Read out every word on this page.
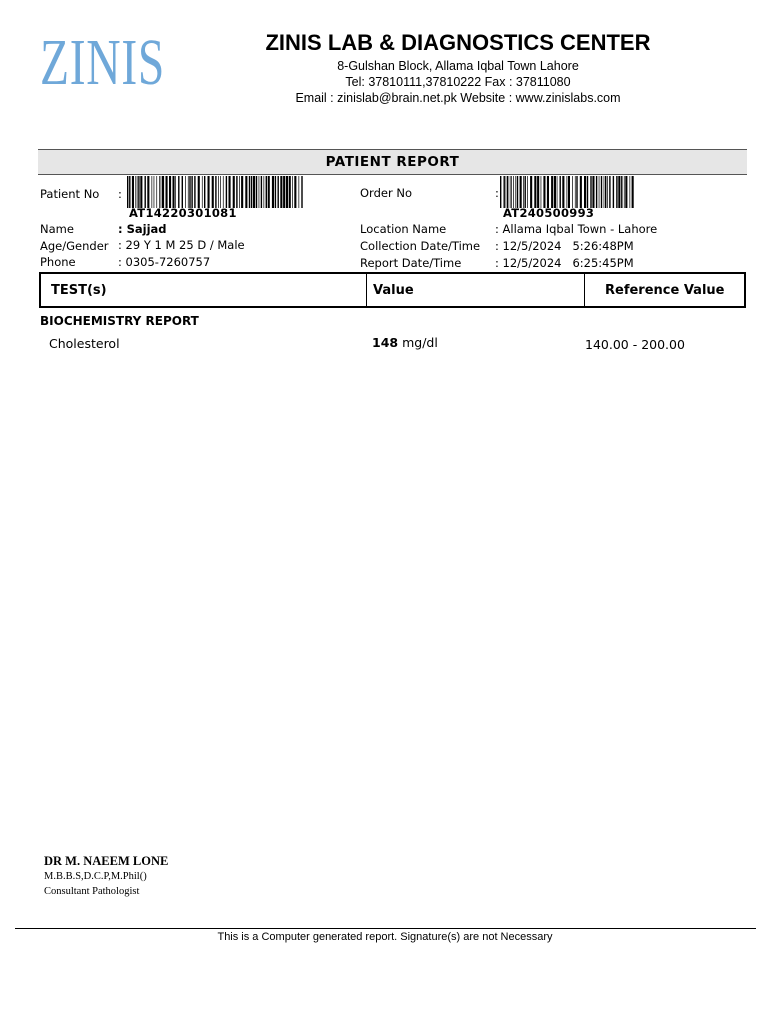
ZINIS	ZINIS LAB & DIAGNOSTICS CENTER
8-Gulshan Block, Allama Iqbal Town Lahore
Tel: 37810111,37810222 Fax : 37811080
Email : zinislab@brain.net.pk Website : www.zinislabs.com
PATIENT REPORT
Patient No :
AT14220301081
Name	: Sajjad
Age/Gender : 29 Y 1 M 25 D / Male
Phone	: 0305-7260757
Order No	:
AT240500993
Location Name	: Allama Iqbal Town - Lahore
Collection Date/Time : 12/5/2024   5:26:48PM
Report Date/Time	: 12/5/2024   6:25:45PM
TEST(s)	Value	Reference Value
BIOCHEMISTRY REPORT
Cholesterol	148 mg/dl	140.00 - 200.00
DR M. NAEEM LONE
M.B.B.S,D.C.P,M.Phil()
Consultant Pathologist
This is a Computer generated report. Signature(s) are not Necessary
